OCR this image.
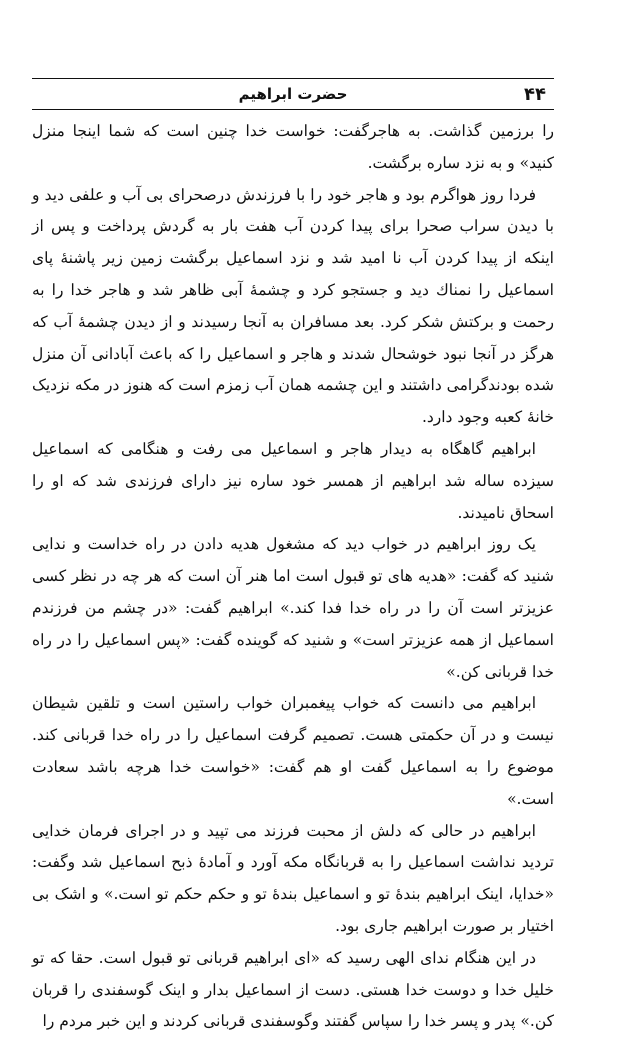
۴۴
حضرت ابراهیم

را برزمین گذاشت. به هاجرگفت: خواست خدا چنین است که شما اینجا منزل کنید» و به نزد ساره برگشت.

فردا روز هواگرم بود و هاجر خود را با فرزندش درصحرای بی آب و علفی دید و با دیدن سراب صحرا برای پیدا کردن آب هفت بار به گردش پرداخت و پس از اینکه از پیدا کردن آب نا امید شد و نزد اسماعیل برگشت زمین زیر پاشنهٔ پای اسماعیل را نمناك دید و جستجو کرد و چشمهٔ آبی ظاهر شد و هاجر خدا را به رحمت و برکتش شکر کرد. بعد مسافران به آنجا رسیدند و از دیدن چشمهٔ آب که هرگز در آنجا نبود خوشحال شدند و هاجر و اسماعیل را که باعث آبادانی آن منزل شده بودندگرامی داشتند و این چشمه همان آب زمزم است که هنوز در مکه نزدیک خانهٔ کعبه وجود دارد.

ابراهیم گاهگاه به دیدار هاجر و اسماعیل می رفت و هنگامی که اسماعیل سیزده ساله شد ابراهیم از همسر خود ساره نیز دارای فرزندی شد که او را اسحاق نامیدند.

یک روز ابراهیم در خواب دید که مشغول هدیه دادن در راه خداست و ندایی شنید که گفت: «هدیه های تو قبول است اما هنر آن است که هر چه در نظر کسی عزیزتر است آن را در راه خدا فدا کند.» ابراهیم گفت: «در چشم من فرزندم اسماعیل از همه عزیزتر است» و شنید که گوینده گفت: «پس اسماعیل را در راه خدا قربانی کن.»

ابراهیم می دانست که خواب پیغمبران خواب راستین است و تلقین شیطان نیست و در آن حکمتی هست. تصمیم گرفت اسماعیل را در راه خدا قربانی کند. موضوع را به اسماعیل گفت او هم گفت: «خواست خدا هرچه باشد سعادت است.»

ابراهیم در حالی که دلش از محبت فرزند می تپید و در اجرای فرمان خدایی تردید نداشت اسماعیل را به قربانگاه مکه آورد و آمادهٔ ذبح اسماعیل شد وگفت: «خدایا، اینک ابراهیم بندهٔ تو و اسماعیل بندهٔ تو و حکم حکم تو است.» و اشک بی اختیار بر صورت ابراهیم جاری بود.

در این هنگام ندای الهی رسید که «ای ابراهیم قربانی تو قبول است. حقا که تو خلیل خدا و دوست خدا هستی. دست از اسماعیل بدار و اینک گوسفندی را قربان کن.» پدر و پسر خدا را سپاس گفتند وگوسفندی قربانی کردند و این خبر مردم را
